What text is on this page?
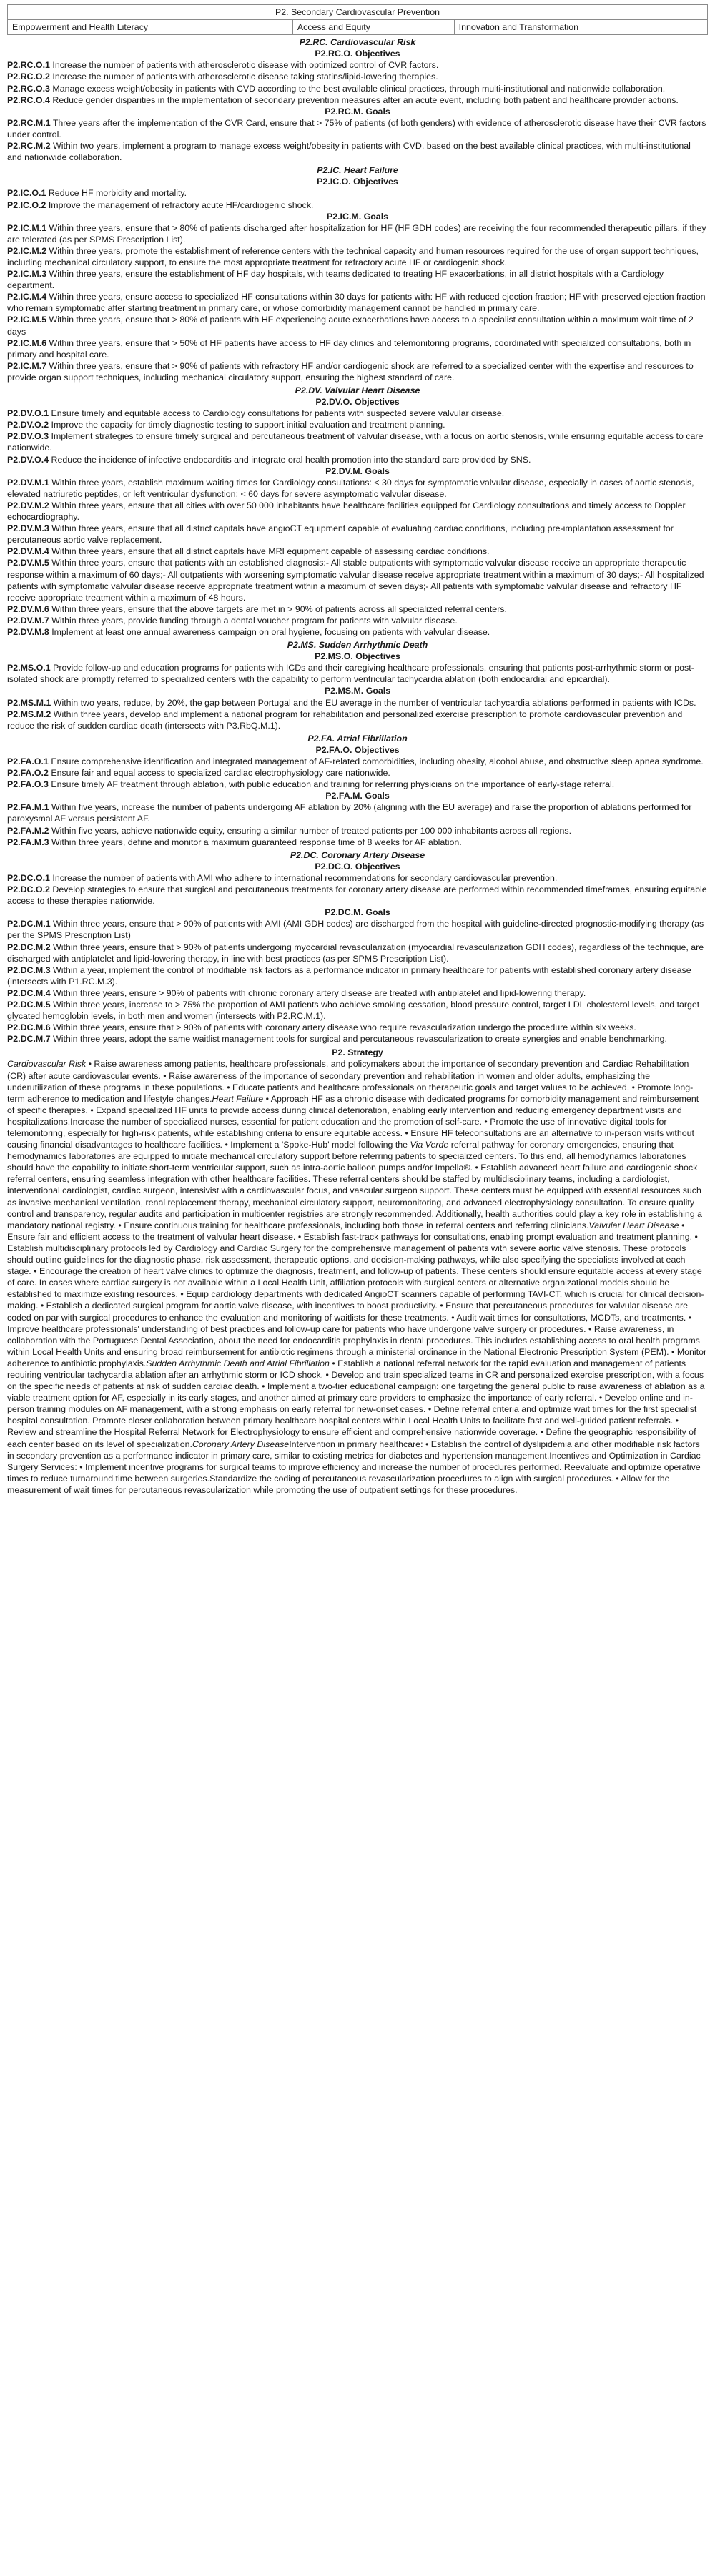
P2. Secondary Cardiovascular Prevention
Empowerment and Health Literacy	Access and Equity	Innovation and Transformation
P2.RC. Cardiovascular Risk
P2.RC.O. Objectives
P2.RC.O.1 Increase the number of patients with atherosclerotic disease with optimized control of CVR factors.
P2.RC.O.2 Increase the number of patients with atherosclerotic disease taking statins/lipid-lowering therapies.
P2.RC.O.3 Manage excess weight/obesity in patients with CVD according to the best available clinical practices, through multi-institutional and nationwide collaboration.
P2.RC.O.4 Reduce gender disparities in the implementation of secondary prevention measures after an acute event, including both patient and healthcare provider actions.
P2.RC.M. Goals
P2.RC.M.1 Three years after the implementation of the CVR Card, ensure that > 75% of patients (of both genders) with evidence of atherosclerotic disease have their CVR factors under control.
P2.RC.M.2 Within two years, implement a program to manage excess weight/obesity in patients with CVD, based on the best available clinical practices, with multi-institutional and nationwide collaboration.
P2.IC. Heart Failure
P2.IC.O. Objectives
P2.IC.O.1 Reduce HF morbidity and mortality.
P2.IC.O.2 Improve the management of refractory acute HF/cardiogenic shock.
P2.IC.M. Goals
P2.IC.M.1 Within three years, ensure that > 80% of patients discharged after hospitalization for HF (HF GDH codes) are receiving the four recommended therapeutic pillars, if they are tolerated (as per SPMS Prescription List).
P2.IC.M.2 Within three years, promote the establishment of reference centers with the technical capacity and human resources required for the use of organ support techniques, including mechanical circulatory support, to ensure the most appropriate treatment for refractory acute HF or cardiogenic shock.
P2.IC.M.3 Within three years, ensure the establishment of HF day hospitals, with teams dedicated to treating HF exacerbations, in all district hospitals with a Cardiology department.
P2.IC.M.4 Within three years, ensure access to specialized HF consultations within 30 days for patients with: HF with reduced ejection fraction; HF with preserved ejection fraction who remain symptomatic after starting treatment in primary care, or whose comorbidity management cannot be handled in primary care.
P2.IC.M.5 Within three years, ensure that > 80% of patients with HF experiencing acute exacerbations have access to a specialist consultation within a maximum wait time of 2 days
P2.IC.M.6 Within three years, ensure that > 50% of HF patients have access to HF day clinics and telemonitoring programs, coordinated with specialized consultations, both in primary and hospital care.
P2.IC.M.7 Within three years, ensure that > 90% of patients with refractory HF and/or cardiogenic shock are referred to a specialized center with the expertise and resources to provide organ support techniques, including mechanical circulatory support, ensuring the highest standard of care.
P2.DV. Valvular Heart Disease
P2.DV.O. Objectives
P2.DV.O.1 Ensure timely and equitable access to Cardiology consultations for patients with suspected severe valvular disease.
P2.DV.O.2 Improve the capacity for timely diagnostic testing to support initial evaluation and treatment planning.
P2.DV.O.3 Implement strategies to ensure timely surgical and percutaneous treatment of valvular disease, with a focus on aortic stenosis, while ensuring equitable access to care nationwide.
P2.DV.O.4 Reduce the incidence of infective endocarditis and integrate oral health promotion into the standard care provided by SNS.
P2.DV.M. Goals
P2.DV.M.1 Within three years, establish maximum waiting times for Cardiology consultations: < 30 days for symptomatic valvular disease, especially in cases of aortic stenosis, elevated natriuretic peptides, or left ventricular dysfunction; < 60 days for severe asymptomatic valvular disease.
P2.DV.M.2 Within three years, ensure that all cities with over 50 000 inhabitants have healthcare facilities equipped for Cardiology consultations and timely access to Doppler echocardiography.
P2.DV.M.3 Within three years, ensure that all district capitals have angioCT equipment capable of evaluating cardiac conditions, including pre-implantation assessment for percutaneous aortic valve replacement.
P2.DV.M.4 Within three years, ensure that all district capitals have MRI equipment capable of assessing cardiac conditions.
P2.DV.M.5 Within three years, ensure that patients with an established diagnosis:- All stable outpatients with symptomatic valvular disease receive an appropriate therapeutic response within a maximum of 60 days;- All outpatients with worsening symptomatic valvular disease receive appropriate treatment within a maximum of 30 days;- All hospitalized patients with symptomatic valvular disease receive appropriate treatment within a maximum of seven days;- All patients with symptomatic valvular disease and refractory HF receive appropriate treatment within a maximum of 48 hours.
P2.DV.M.6 Within three years, ensure that the above targets are met in > 90% of patients across all specialized referral centers.
P2.DV.M.7 Within three years, provide funding through a dental voucher program for patients with valvular disease.
P2.DV.M.8 Implement at least one annual awareness campaign on oral hygiene, focusing on patients with valvular disease.
P2.MS. Sudden Arrhythmic Death
P2.MS.O. Objectives
P2.MS.O.1 Provide follow-up and education programs for patients with ICDs and their caregiving healthcare professionals, ensuring that patients post-arrhythmic storm or post-isolated shock are promptly referred to specialized centers with the capability to perform ventricular tachycardia ablation (both endocardial and epicardial).
P2.MS.M. Goals
P2.MS.M.1 Within two years, reduce, by 20%, the gap between Portugal and the EU average in the number of ventricular tachycardia ablations performed in patients with ICDs.
P2.MS.M.2 Within three years, develop and implement a national program for rehabilitation and personalized exercise prescription to promote cardiovascular prevention and reduce the risk of sudden cardiac death (intersects with P3.RbQ.M.1).
P2.FA. Atrial Fibrillation
P2.FA.O. Objectives
P2.FA.O.1 Ensure comprehensive identification and integrated management of AF-related comorbidities, including obesity, alcohol abuse, and obstructive sleep apnea syndrome.
P2.FA.O.2 Ensure fair and equal access to specialized cardiac electrophysiology care nationwide.
P2.FA.O.3 Ensure timely AF treatment through ablation, with public education and training for referring physicians on the importance of early-stage referral.
P2.FA.M. Goals
P2.FA.M.1 Within five years, increase the number of patients undergoing AF ablation by 20% (aligning with the EU average) and raise the proportion of ablations performed for paroxysmal AF versus persistent AF.
P2.FA.M.2 Within five years, achieve nationwide equity, ensuring a similar number of treated patients per 100 000 inhabitants across all regions.
P2.FA.M.3 Within three years, define and monitor a maximum guaranteed response time of 8 weeks for AF ablation.
P2.DC. Coronary Artery Disease
P2.DC.O. Objectives
P2.DC.O.1 Increase the number of patients with AMI who adhere to international recommendations for secondary cardiovascular prevention.
P2.DC.O.2 Develop strategies to ensure that surgical and percutaneous treatments for coronary artery disease are performed within recommended timeframes, ensuring equitable access to these therapies nationwide.
P2.DC.M. Goals
P2.DC.M.1 Within three years, ensure that > 90% of patients with AMI (AMI GDH codes) are discharged from the hospital with guideline-directed prognostic-modifying therapy (as per the SPMS Prescription List)
P2.DC.M.2 Within three years, ensure that > 90% of patients undergoing myocardial revascularization (myocardial revascularization GDH codes), regardless of the technique, are discharged with antiplatelet and lipid-lowering therapy, in line with best practices (as per SPMS Prescription List).
P2.DC.M.3 Within a year, implement the control of modifiable risk factors as a performance indicator in primary healthcare for patients with established coronary artery disease (intersects with P1.RC.M.3).
P2.DC.M.4 Within three years, ensure > 90% of patients with chronic coronary artery disease are treated with antiplatelet and lipid-lowering therapy.
P2.DC.M.5 Within three years, increase to > 75% the proportion of AMI patients who achieve smoking cessation, blood pressure control, target LDL cholesterol levels, and target glycated hemoglobin levels, in both men and women (intersects with P2.RC.M.1).
P2.DC.M.6 Within three years, ensure that > 90% of patients with coronary artery disease who require revascularization undergo the procedure within six weeks.
P2.DC.M.7 Within three years, adopt the same waitlist management tools for surgical and percutaneous revascularization to create synergies and enable benchmarking.
P2. Strategy
Cardiovascular Risk • Raise awareness among patients, healthcare professionals, and policymakers about the importance of secondary prevention and Cardiac Rehabilitation (CR) after acute cardiovascular events. • Raise awareness of the importance of secondary prevention and rehabilitation in women and older adults, emphasizing the underutilization of these programs in these populations. • Educate patients and healthcare professionals on therapeutic goals and target values to be achieved. • Promote long-term adherence to medication and lifestyle changes.Heart Failure • Approach HF as a chronic disease with dedicated programs for comorbidity management and reimbursement of specific therapies. • Expand specialized HF units to provide access during clinical deterioration, enabling early intervention and reducing emergency department visits and hospitalizations.Increase the number of specialized nurses, essential for patient education and the promotion of self-care. • Promote the use of innovative digital tools for telemonitoring, especially for high-risk patients, while establishing criteria to ensure equitable access. • Ensure HF teleconsultations are an alternative to in-person visits without causing financial disadvantages to healthcare facilities. • Implement a 'Spoke-Hub' model following the Via Verde referral pathway for coronary emergencies, ensuring that hemodynamics laboratories are equipped to initiate mechanical circulatory support before referring patients to specialized centers. To this end, all hemodynamics laboratories should have the capability to initiate short-term ventricular support, such as intra-aortic balloon pumps and/or Impella®. • Establish advanced heart failure and cardiogenic shock referral centers, ensuring seamless integration with other healthcare facilities. These referral centers should be staffed by multidisciplinary teams, including a cardiologist, interventional cardiologist, cardiac surgeon, intensivist with a cardiovascular focus, and vascular surgeon support. These centers must be equipped with essential resources such as invasive mechanical ventilation, renal replacement therapy, mechanical circulatory support, neuromonitoring, and advanced electrophysiology consultation. To ensure quality control and transparency, regular audits and participation in multicenter registries are strongly recommended. Additionally, health authorities could play a key role in establishing a mandatory national registry. • Ensure continuous training for healthcare professionals, including both those in referral centers and referring clinicians.Valvular Heart Disease • Ensure fair and efficient access to the treatment of valvular heart disease. • Establish fast-track pathways for consultations, enabling prompt evaluation and treatment planning. • Establish multidisciplinary protocols led by Cardiology and Cardiac Surgery for the comprehensive management of patients with severe aortic valve stenosis. These protocols should outline guidelines for the diagnostic phase, risk assessment, therapeutic options, and decision-making pathways, while also specifying the specialists involved at each stage. • Encourage the creation of heart valve clinics to optimize the diagnosis, treatment, and follow-up of patients. These centers should ensure equitable access at every stage of care. In cases where cardiac surgery is not available within a Local Health Unit, affiliation protocols with surgical centers or alternative organizational models should be established to maximize existing resources. • Equip cardiology departments with dedicated AngioCT scanners capable of performing TAVI-CT, which is crucial for clinical decision-making. • Establish a dedicated surgical program for aortic valve disease, with incentives to boost productivity. • Ensure that percutaneous procedures for valvular disease are coded on par with surgical procedures to enhance the evaluation and monitoring of waitlists for these treatments. • Audit wait times for consultations, MCDTs, and treatments. • Improve healthcare professionals' understanding of best practices and follow-up care for patients who have undergone valve surgery or procedures. • Raise awareness, in collaboration with the Portuguese Dental Association, about the need for endocarditis prophylaxis in dental procedures. This includes establishing access to oral health programs within Local Health Units and ensuring broad reimbursement for antibiotic regimens through a ministerial ordinance in the National Electronic Prescription System (PEM). • Monitor adherence to antibiotic prophylaxis.Sudden Arrhythmic Death and Atrial Fibrillation • Establish a national referral network for the rapid evaluation and management of patients requiring ventricular tachycardia ablation after an arrhythmic storm or ICD shock. • Develop and train specialized teams in CR and personalized exercise prescription, with a focus on the specific needs of patients at risk of sudden cardiac death. • Implement a two-tier educational campaign: one targeting the general public to raise awareness of ablation as a viable treatment option for AF, especially in its early stages, and another aimed at primary care providers to emphasize the importance of early referral. • Develop online and in-person training modules on AF management, with a strong emphasis on early referral for new-onset cases. • Define referral criteria and optimize wait times for the first specialist hospital consultation. Promote closer collaboration between primary healthcare hospital centers within Local Health Units to facilitate fast and well-guided patient referrals. • Review and streamline the Hospital Referral Network for Electrophysiology to ensure efficient and comprehensive nationwide coverage. • Define the geographic responsibility of each center based on its level of specialization.Coronary Artery DiseaseIntervention in primary healthcare: • Establish the control of dyslipidemia and other modifiable risk factors in secondary prevention as a performance indicator in primary care, similar to existing metrics for diabetes and hypertension management.Incentives and Optimization in Cardiac Surgery Services: • Implement incentive programs for surgical teams to improve efficiency and increase the number of procedures performed. Reevaluate and optimize operative times to reduce turnaround time between surgeries.Standardize the coding of percutaneous revascularization procedures to align with surgical procedures. • Allow for the measurement of wait times for percutaneous revascularization while promoting the use of outpatient settings for these procedures.
